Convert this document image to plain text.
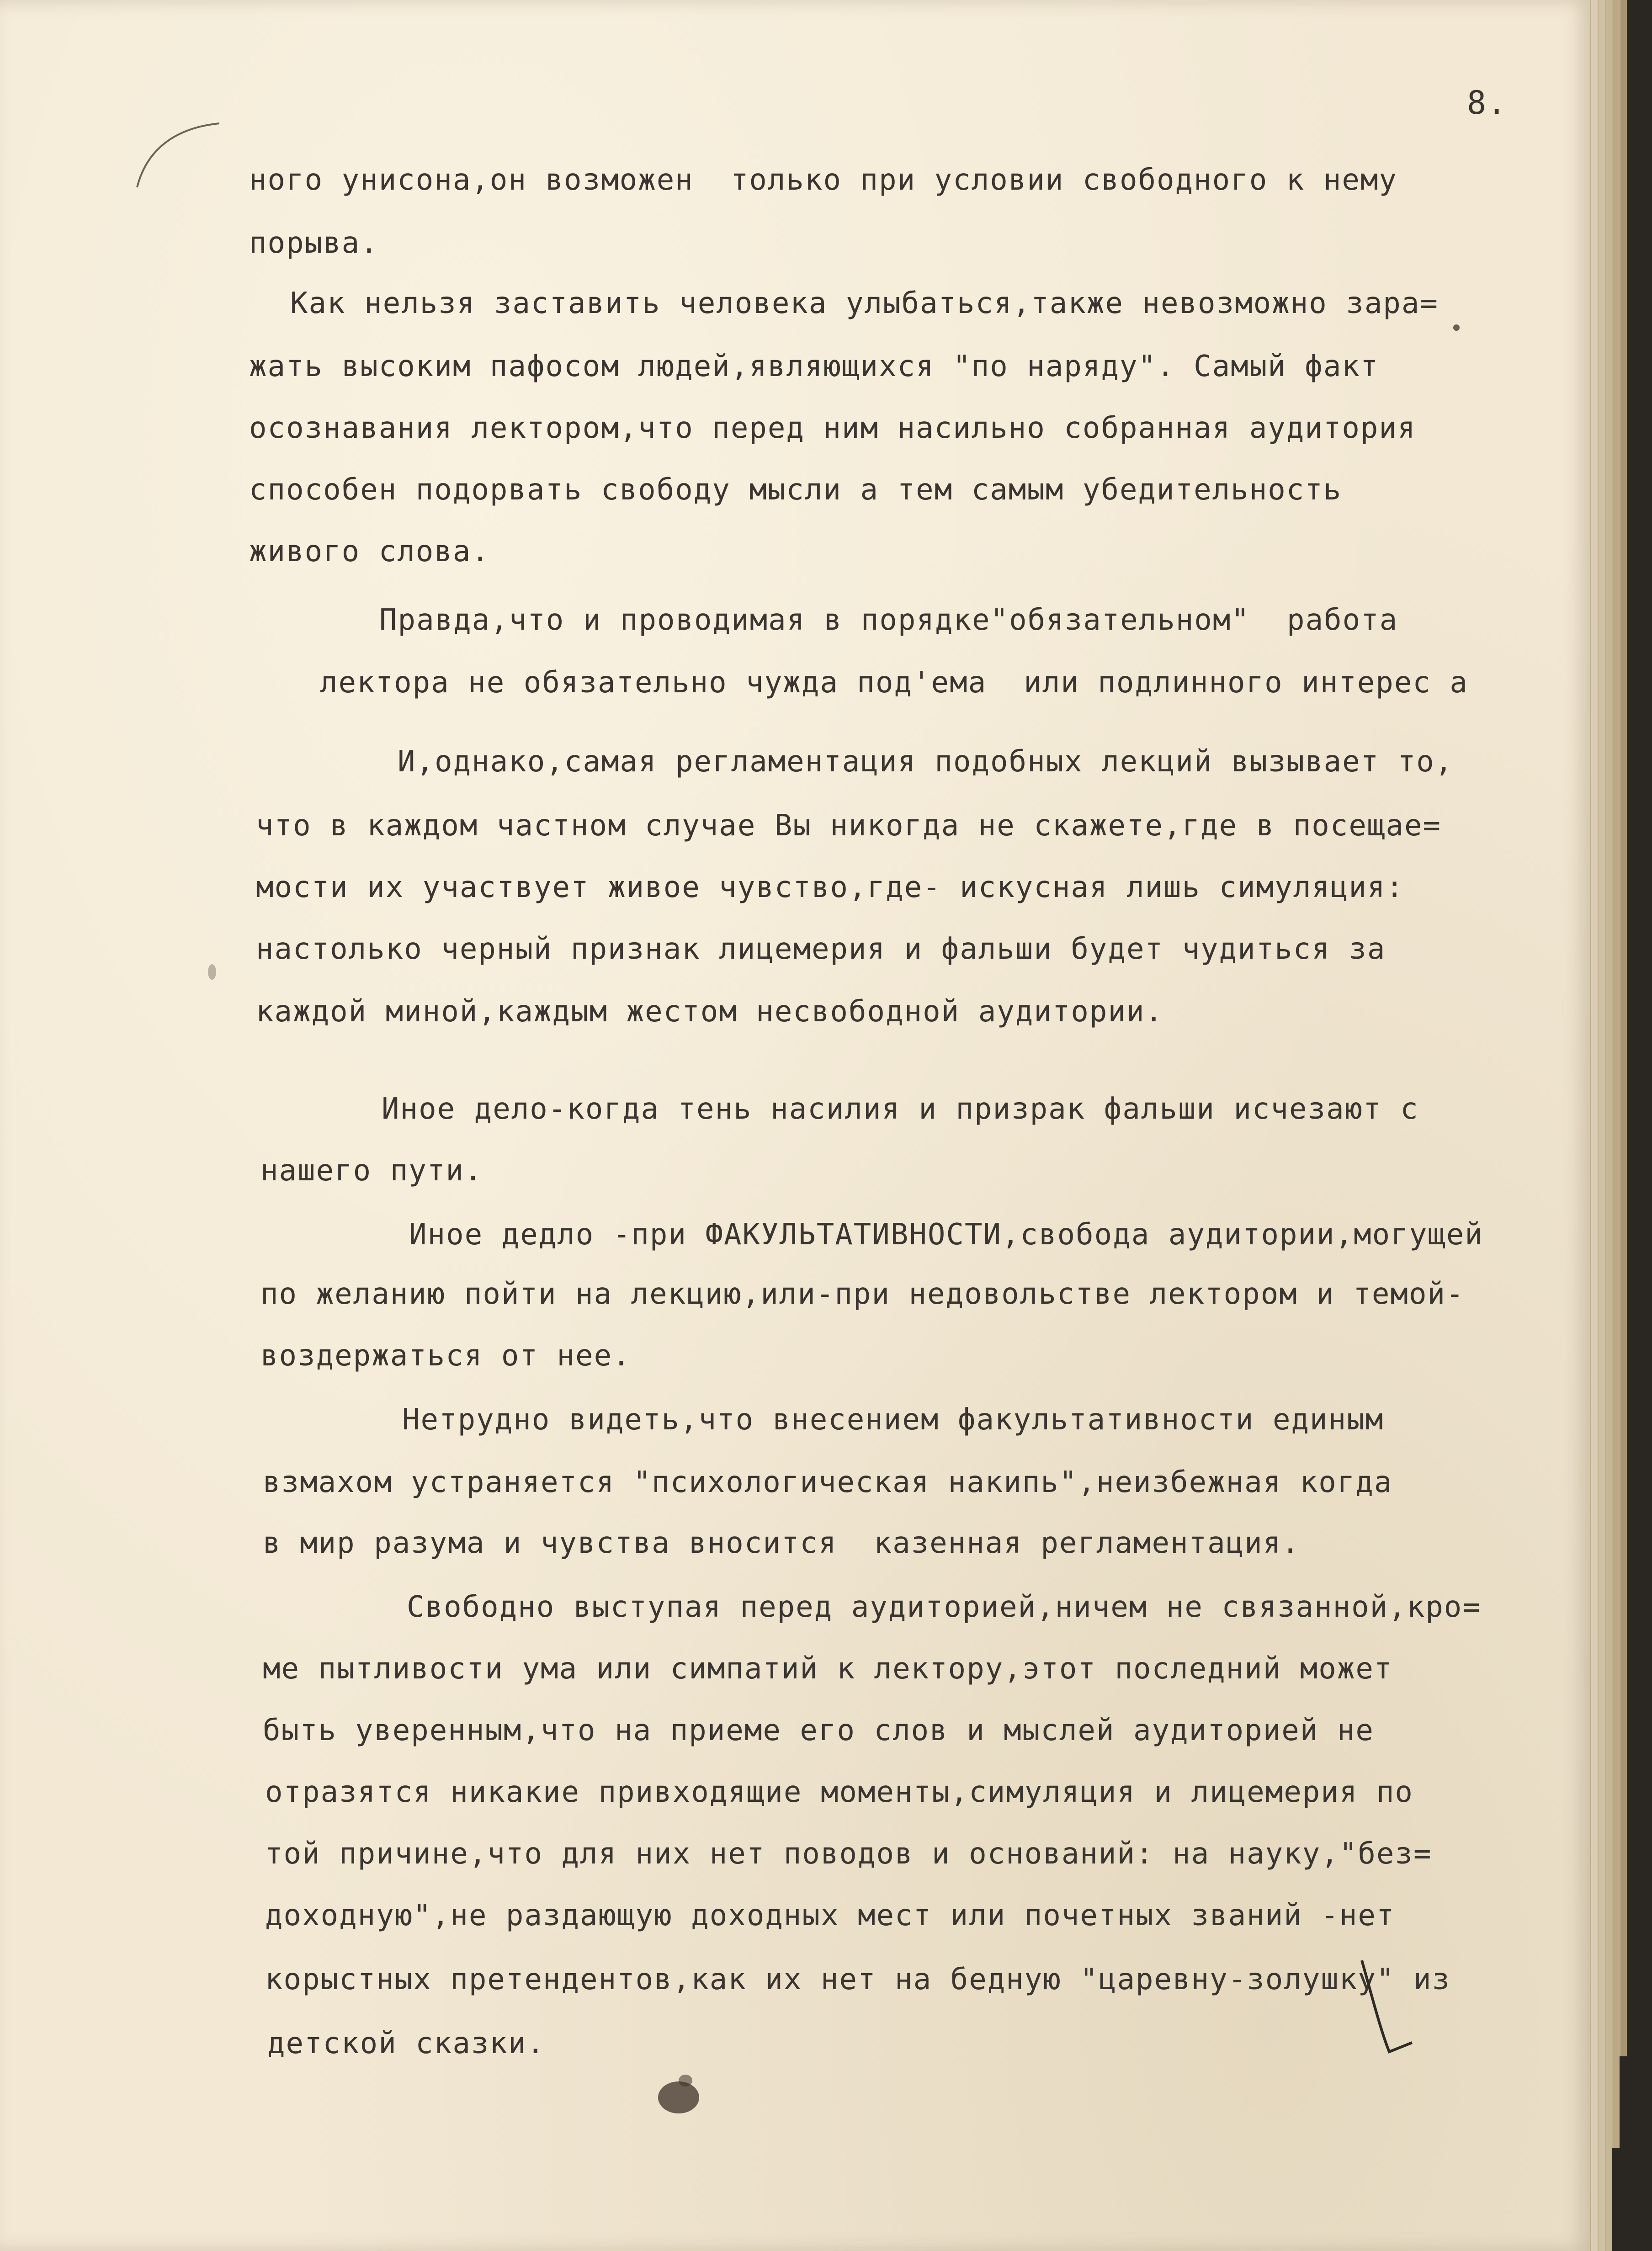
8.
ного унисона,он возможен  только при условии свободного к нему
порыва.
Как нельзя заставить человека улыбаться,также невозможно зара=
жать высоким пафосом людей,являющихся "по наряду". Самый факт
осознавания лектором,что перед ним насильно собранная аудитория
способен подорвать свободу мысли а тем самым убедительность
живого слова.
Правда,что и проводимая в порядке"обязательном"  работа
лектора не обязательно чужда под'ема  или подлинного интерес а
И,однако,самая регламентация подобных лекций вызывает то,
что в каждом частном случае Вы никогда не скажете,где в посещае=
мости их участвует живое чувство,где- искусная лишь симуляция:
настолько черный признак лицемерия и фальши будет чудиться за
каждой миной,каждым жестом несвободной аудитории.
Иное дело-когда тень насилия и призрак фальши исчезают с
нашего пути.
Иное дедло -при ФАКУЛЬТАТИВНОСТИ,свобода аудитории,могущей
по желанию пойти на лекцию,или-при недовольстве лектором и темой-
воздержаться от нее.
Нетрудно видеть,что внесением факультативности единым
взмахом устраняется "психологическая накипь",неизбежная когда
в мир разума и чувства вносится  казенная регламентация.
Свободно выступая перед аудиторией,ничем не связанной,кро=
ме пытливости ума или симпатий к лектору,этот последний может
быть уверенным,что на приеме его слов и мыслей аудиторией не
отразятся никакие привходящие моменты,симуляция и лицемерия по
той причине,что для них нет поводов и оснований: на науку,"без=
доходную",не раздающую доходных мест или почетных званий -нет
корыстных претендентов,как их нет на бедную "царевну-золушку" из
детской сказки.
